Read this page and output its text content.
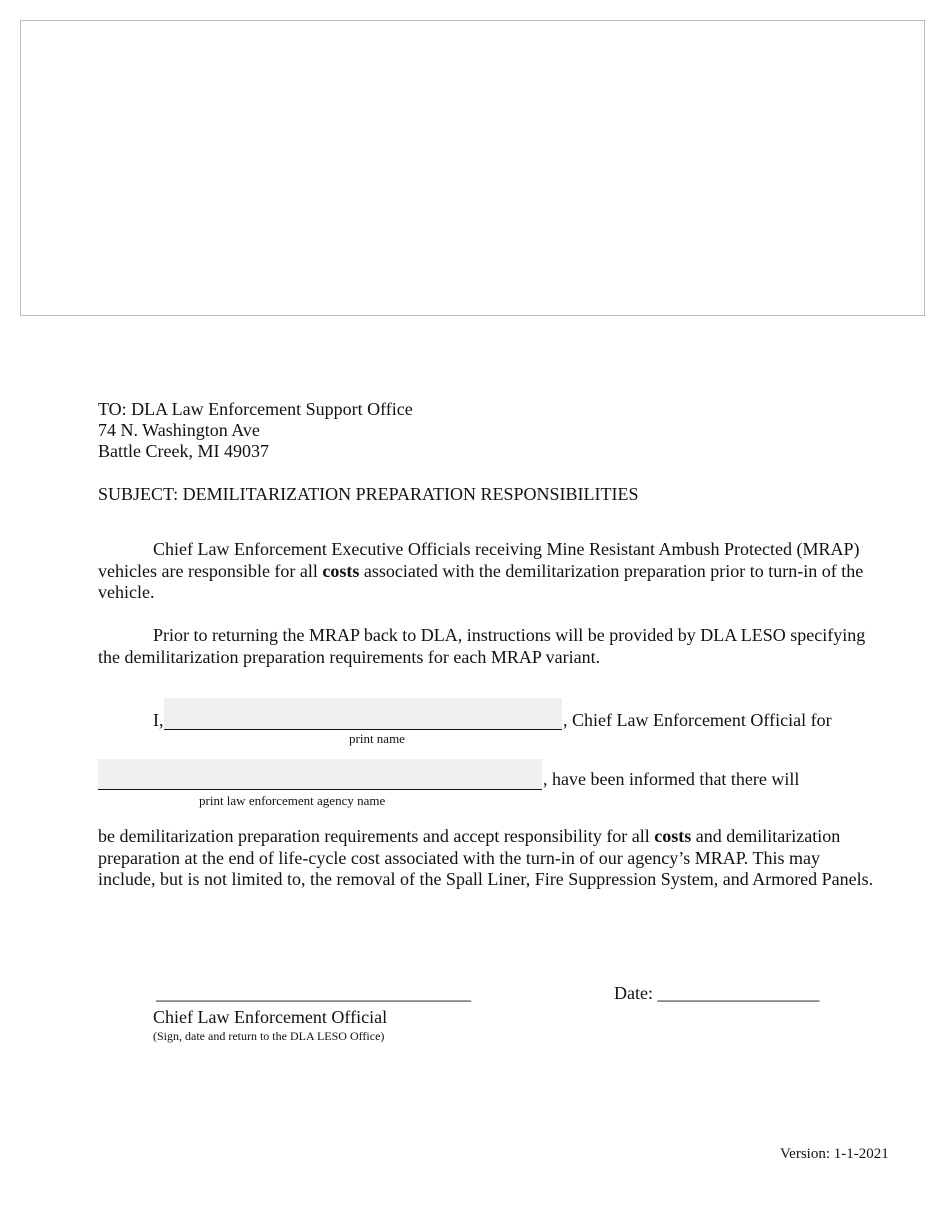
TO: DLA Law Enforcement Support Office
74 N. Washington Ave
Battle Creek, MI 49037
SUBJECT: DEMILITARIZATION PREPARATION RESPONSIBILITIES
Chief Law Enforcement Executive Officials receiving Mine Resistant Ambush Protected (MRAP) vehicles are responsible for all costs associated with the demilitarization preparation prior to turn-in of the vehicle.
Prior to returning the MRAP back to DLA, instructions will be provided by DLA LESO specifying the demilitarization preparation requirements for each MRAP variant.
I,	, Chief Law Enforcement Official for
print name
, have been informed that there will
print law enforcement agency name
be demilitarization preparation requirements and accept responsibility for all costs and demilitarization preparation at the end of life-cycle cost associated with the turn-in of our agency’s MRAP. This may include, but is not limited to, the removal of the Spall Liner, Fire Suppression System, and Armored Panels.
___________________________________
Chief Law Enforcement Official
(Sign, date and return to the DLA LESO Office)
Date: __________________
Version: 1-1-2021
